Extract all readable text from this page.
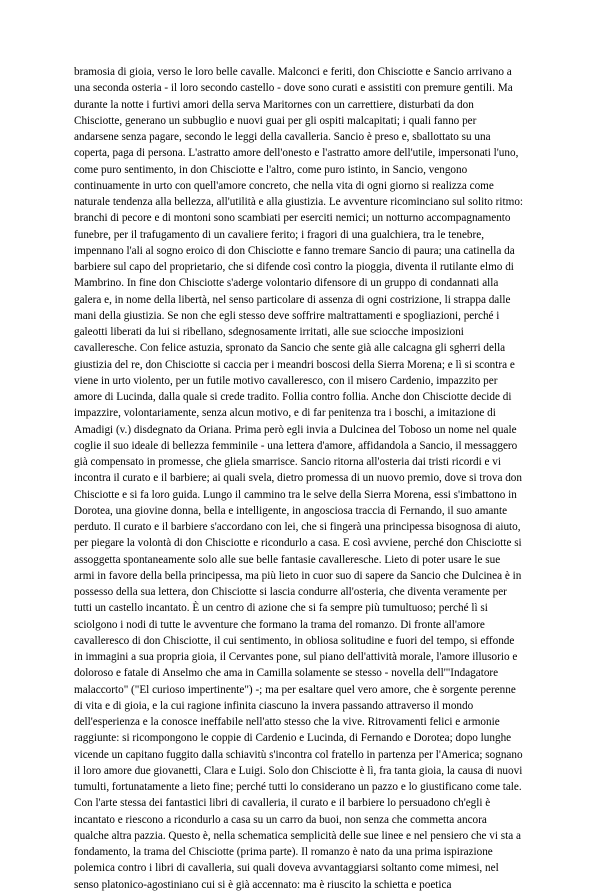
bramosia di gioia, verso le loro belle cavalle. Malconci e feriti, don Chisciotte e Sancio arrivano a
una seconda osteria - il loro secondo castello - dove sono curati e assistiti con premure gentili. Ma
durante la notte i furtivi amori della serva Maritornes con un carrettiere, disturbati da don
Chisciotte, generano un subbuglio e nuovi guai per gli ospiti malcapitati; i quali fanno per
andarsene senza pagare, secondo le leggi della cavalleria. Sancio è preso e, sballottato su una
coperta, paga di persona. L'astratto amore dell'onesto e l'astratto amore dell'utile, impersonati l'uno,
come puro sentimento, in don Chisciotte e l'altro, come puro istinto, in Sancio, vengono
continuamente in urto con quell'amore concreto, che nella vita di ogni giorno si realizza come
naturale tendenza alla bellezza, all'utilità e alla giustizia. Le avventure ricominciano sul solito ritmo:
branchi di pecore e di montoni sono scambiati per eserciti nemici; un notturno accompagnamento
funebre, per il trafugamento di un cavaliere ferito; i fragori di una gualchiera, tra le tenebre,
impennano l'ali al sogno eroico di don Chisciotte e fanno tremare Sancio di paura; una catinella da
barbiere sul capo del proprietario, che si difende così contro la pioggia, diventa il rutilante elmo di
Mambrino. In fine don Chisciotte s'aderge volontario difensore di un gruppo di condannati alla
galera e, in nome della libertà, nel senso particolare di assenza di ogni costrizione, li strappa dalle
mani della giustizia. Se non che egli stesso deve soffrire maltrattamenti e spogliazioni, perché i
galeotti liberati da lui si ribellano, sdegnosamente irritati, alle sue sciocche imposizioni
cavalleresche. Con felice astuzia, spronato da Sancio che sente già alle calcagna gli sgherri della
giustizia del re, don Chisciotte si caccia per i meandri boscosi della Sierra Morena; e lì si scontra e
viene in urto violento, per un futile motivo cavalleresco, con il misero Cardenio, impazzito per
amore di Lucinda, dalla quale si crede tradito. Follia contro follia. Anche don Chisciotte decide di
impazzire, volontariamente, senza alcun motivo, e di far penitenza tra i boschi, a imitazione di
Amadigi (v.) disdegnato da Oriana. Prima però egli invia a Dulcinea del Toboso un nome nel quale
coglie il suo ideale di bellezza femminile - una lettera d'amore, affidandola a Sancio, il messaggero
già compensato in promesse, che gliela smarrisce. Sancio ritorna all'osteria dai tristi ricordi e vi
incontra il curato e il barbiere; ai quali svela, dietro promessa di un nuovo premio, dove si trova don
Chisciotte e si fa loro guida. Lungo il cammino tra le selve della Sierra Morena, essi s'imbattono in
Dorotea, una giovine donna, bella e intelligente, in angosciosa traccia di Fernando, il suo amante
perduto. Il curato e il barbiere s'accordano con lei, che si fingerà una principessa bisognosa di aiuto,
per piegare la volontà di don Chisciotte e ricondurlo a casa. E così avviene, perché don Chisciotte si
assoggetta spontaneamente solo alle sue belle fantasie cavalleresche. Lieto di poter usare le sue
armi in favore della bella principessa, ma più lieto in cuor suo di sapere da Sancio che Dulcinea è in
possesso della sua lettera, don Chisciotte si lascia condurre all'osteria, che diventa veramente per
tutti un castello incantato. È un centro di azione che si fa sempre più tumultuoso; perché lì si
sciolgono i nodi di tutte le avventure che formano la trama del romanzo. Di fronte all'amore
cavalleresco di don Chisciotte, il cui sentimento, in obliosa solitudine e fuori del tempo, si effonde
in immagini a sua propria gioia, il Cervantes pone, sul piano dell'attività morale, l'amore illusorio e
doloroso e fatale di Anselmo che ama in Camilla solamente se stesso - novella dell'"Indagatore
malaccorto" ("El curioso impertinente") -; ma per esaltare quel vero amore, che è sorgente perenne
di vita e di gioia, e la cui ragione infinita ciascuno la invera passando attraverso il mondo
dell'esperienza e la conosce ineffabile nell'atto stesso che la vive. Ritrovamenti felici e armonie
raggiunte: si ricompongono le coppie di Cardenio e Lucinda, di Fernando e Dorotea; dopo lunghe
vicende un capitano fuggito dalla schiavitù s'incontra col fratello in partenza per l'America; sognano
il loro amore due giovanetti, Clara e Luigi. Solo don Chisciotte è lì, fra tanta gioia, la causa di nuovi
tumulti, fortunatamente a lieto fine; perché tutti lo considerano un pazzo e lo giustificano come tale.
Con l'arte stessa dei fantastici libri di cavalleria, il curato e il barbiere lo persuadono ch'egli è
incantato e riescono a ricondurlo a casa su un carro da buoi, non senza che commetta ancora
qualche altra pazzia. Questo è, nella schematica semplicità delle sue linee e nel pensiero che vi sta a
fondamento, la trama del Chisciotte (prima parte). Il romanzo è nato da una prima ispirazione
polemica contro i libri di cavalleria, sui quali doveva avvantaggiarsi soltanto come mimesi, nel
senso platonico-agostiniano cui si è già accennato: ma è riuscito la schietta e poetica
